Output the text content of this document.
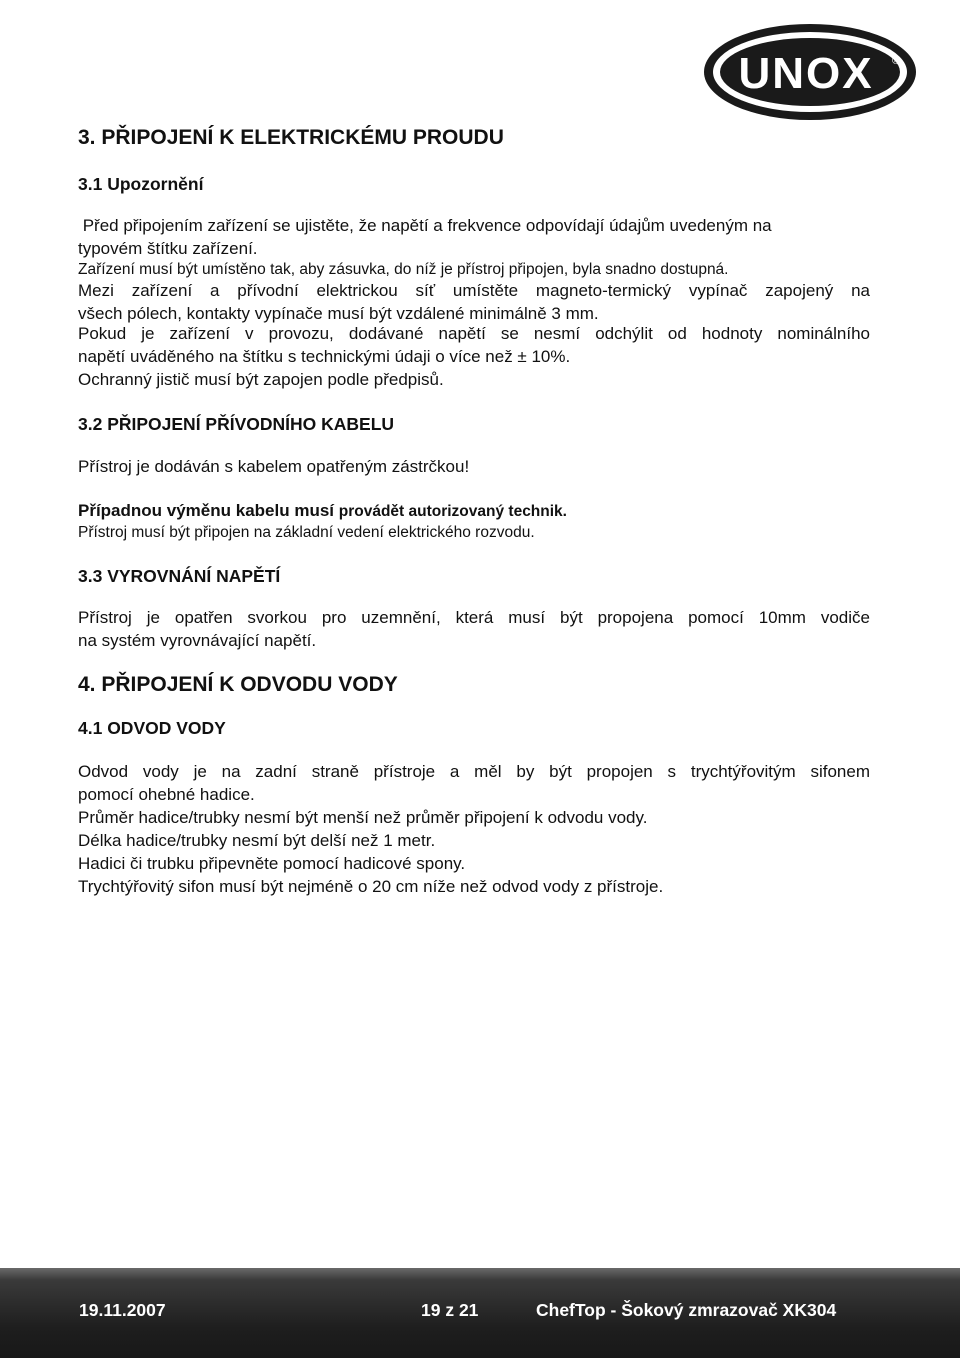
UNOX ®
3. PŘIPOJENÍ K ELEKTRICKÉMU PROUDU
3.1 Upozornění
Před připojením zařízení se ujistěte, že napětí a frekvence odpovídají údajům uvedeným na
typovém štítku zařízení.
Zařízení musí být umístěno tak, aby zásuvka, do níž je přístroj připojen, byla snadno dostupná.
Mezi zařízení a přívodní elektrickou síť umístěte magneto-termický vypínač zapojený na
všech pólech, kontakty vypínače musí být vzdálené minimálně 3 mm.
Pokud je zařízení v provozu, dodávané napětí se nesmí odchýlit od hodnoty nominálního
napětí uváděného na štítku s technickými údaji o více než ± 10%.
Ochranný jistič musí být zapojen podle předpisů.
3.2 PŘIPOJENÍ PŘÍVODNÍHO KABELU
Přístroj je dodáván s kabelem opatřeným zástrčkou!
Případnou výměnu kabelu musí provádět autorizovaný technik.
Přístroj musí být připojen na základní vedení elektrického rozvodu.
3.3 VYROVNÁNÍ NAPĚTÍ
Přístroj je opatřen svorkou pro uzemnění, která musí být propojena pomocí 10mm vodiče
na systém vyrovnávající napětí.
4. PŘIPOJENÍ K ODVODU VODY
4.1 ODVOD VODY
Odvod vody je na zadní straně přístroje a měl by být propojen s trychtýřovitým sifonem
pomocí ohebné hadice.
Průměr hadice/trubky nesmí být menší než průměr připojení k odvodu vody.
Délka hadice/trubky nesmí být delší než 1 metr.
Hadici či trubku připevněte pomocí hadicové spony.
Trychtýřovitý sifon musí být nejméně o 20 cm níže než odvod vody z přístroje.
19.11.2007	19 z 21	ChefTop - Šokový zmrazovač XK304
